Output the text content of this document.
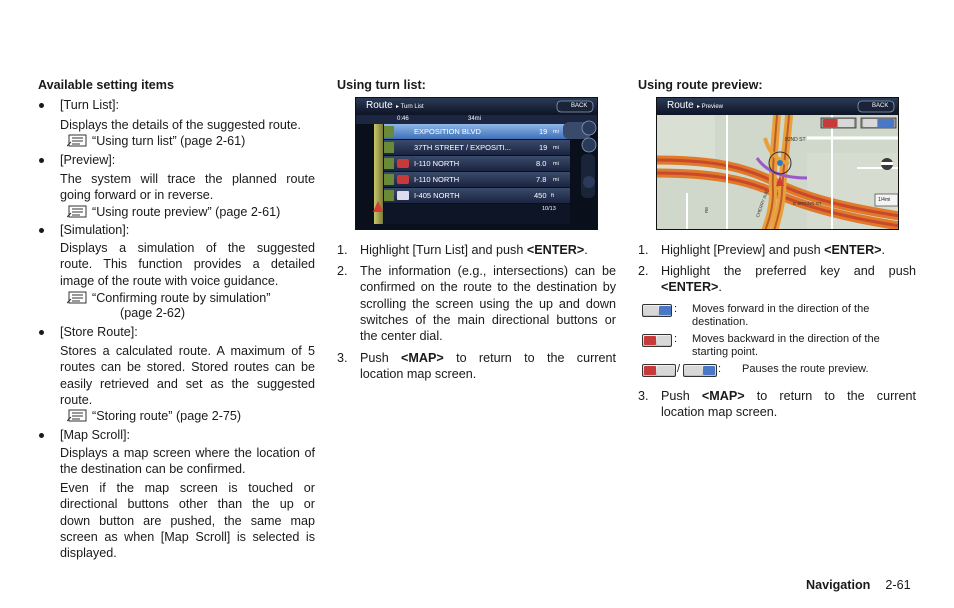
Available setting items
[Turn List]:
Displays the details of the suggested route.
“Using turn list” (page 2-61)
[Preview]:
The system will trace the planned route
going forward or in reverse.
“Using route preview” (page 2-61)
[Simulation]:
Displays a simulation of the suggested
route. This function provides a detailed
image of the route with voice guidance.
“Confirming route by simulation”
(page 2-62)
[Store Route]:
Stores a calculated route. A maximum of 5
routes can be stored. Stored routes can be
easily retrieved and set as the suggested
route.
“Storing route” (page 2-75)
[Map Scroll]:
Displays a map screen where the location of
the destination can be confirmed.
Even if the map screen is touched or
directional buttons other than the up or
down button are pushed, the same map
screen as when [Map Scroll] is selected is
displayed.
Using turn list:
Route ▸ Turn List	BACK
0:46	34mi
EXPOSITION BLVD	19 mi
37TH STREET / EXPOSITI...	19 mi
I-110 NORTH	8.0 mi
I-110 NORTH	7.8 mi
I-405 NORTH	450 ft
10/13
1. Highlight [Turn List] and push <ENTER>.
2. The information (e.g., intersections) can be
confirmed on the route to the destination by
scrolling the screen using the up and down
switches of the main directional buttons or
the center dial.
3. Push <MAP> to return to the current
location map screen.
Using route preview:
Route ▸ Preview	BACK
82ND ST
E SPRING ST
CHERRY AVE
RE
1/4mi
1. Highlight [Preview] and push <ENTER>.
2. Highlight the preferred key and push
<ENTER>.
: Moves forward in the direction of the
destination.
: Moves backward in the direction of the
starting point.
/	: Pauses the route preview.
3. Push <MAP> to return to the current
location map screen.
Navigation 2-61
